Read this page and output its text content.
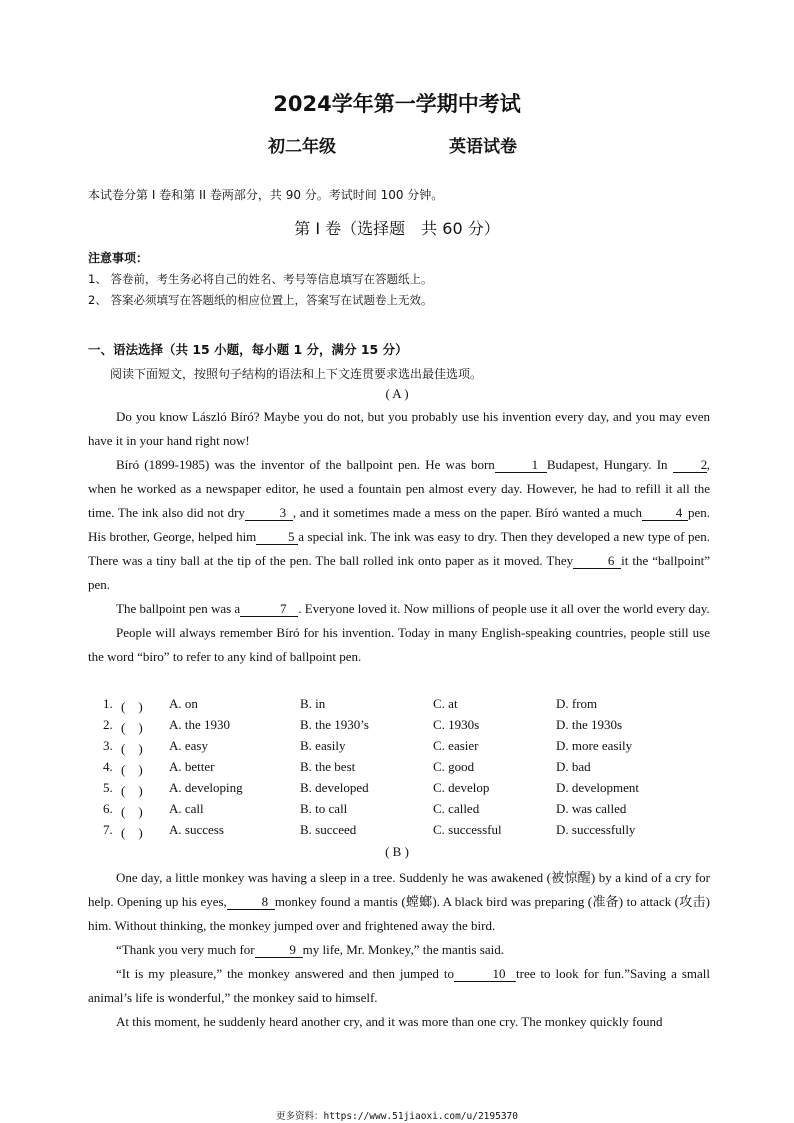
2024学年第一学期中考试
初二年级	英语试卷
本试卷分第 I 卷和第 II 卷两部分，共 90 分。考试时间 100 分钟。
第 I 卷（选择题　共 60 分）
注意事项：
1、 答卷前，考生务必将自己的姓名、考号等信息填写在答题纸上。
2、 答案必须填写在答题纸的相应位置上，答案写在试题卷上无效。
一、语法选择（共 15 小题，每小题 1 分，满分 15 分）
阅读下面短文，按照句子结构的语法和上下文连贯要求选出最佳选项。
( A )

Do you know László Bíró? Maybe you do not, but you probably use his invention every day, and you may even have it in your hand right now!

Bíró (1899-1985) was the inventor of the ballpoint pen. He was born	1 Budapest, Hungary. In	2, when he worked as a newspaper editor, he used a fountain pen almost every day. However, he had to refill it all the time. The ink also did not dry	3 , and it sometimes made a mess on the paper. Bíró wanted a much	4 pen. His brother, George, helped him 5 a special ink. The ink was easy to dry. Then they developed a new type of pen. There was a tiny ball at the tip of the pen. The ball rolled ink onto paper as it moved. They	6 it the “ballpoint” pen.

The ballpoint pen was a	7 . Everyone loved it. Now millions of people use it all over the world every day.

People will always remember Bíró for his invention. Today in many English-speaking countries, people still use the word “biro” to refer to any kind of ballpoint pen.

1. (　) A. on	B. in	C. at	D. from
2. (　) A. the 1930	B. the 1930’s	C. 1930s	D. the 1930s
3. (　) A. easy	B. easily	C. easier	D. more easily
4. (　) A. better	B. the best	C. good	D. bad
5. (　) A. developing	B. developed	C. develop	D. development
6. (　) A. call	B. to call	C. called	D. was called
7. (　) A. success	B. succeed	C. successful	D. successfully
( B )

One day, a little monkey was having a sleep in a tree. Suddenly he was awakened (被惊醒) by a kind of a cry for help. Opening up his eyes,	8 monkey found a mantis (螳螂). A black bird was preparing (准备) to attack (攻击) him. Without thinking, the monkey jumped over and frightened away the bird.

“Thank you very much for	9 my life, Mr. Monkey,” the mantis said.

“It is my pleasure,” the monkey answered and then jumped to	10 tree to look for fun.”Saving a small animal’s life is wonderful,” the monkey said to himself.

At this moment, he suddenly heard another cry, and it was more than one cry. The monkey quickly found

更多资料：https://www.51jiaoxi.com/u/2195370
